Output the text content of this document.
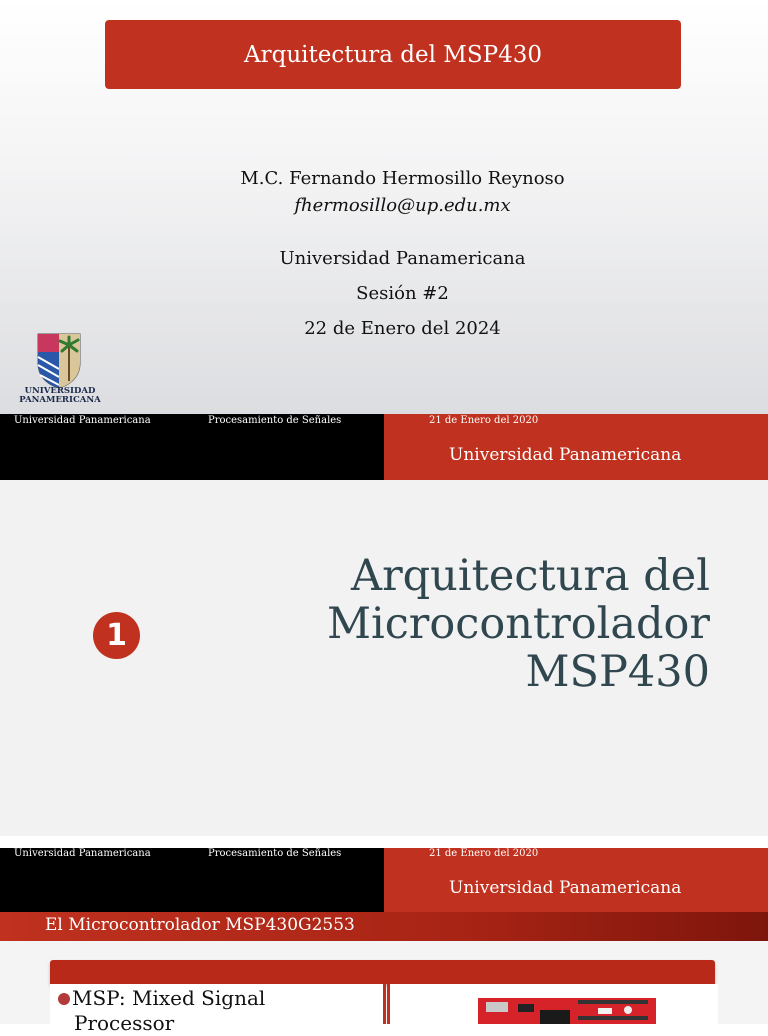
Arquitectura del MSP430
M.C. Fernando Hermosillo Reynoso
fhermosillo@up.edu.mx
Universidad Panamericana
Sesión #2
22 de Enero del 2024
UNIVERSIDAD
PANAMERICANA
Universidad Panamericana	Procesamiento de Señales	21 de Enero del 2020
Universidad Panamericana
1
Arquitectura del
Microcontrolador
MSP430
Universidad Panamericana	Procesamiento de Señales	21 de Enero del 2020
Universidad Panamericana
El Microcontrolador MSP430G2553
MSP: Mixed Signal
Processor
